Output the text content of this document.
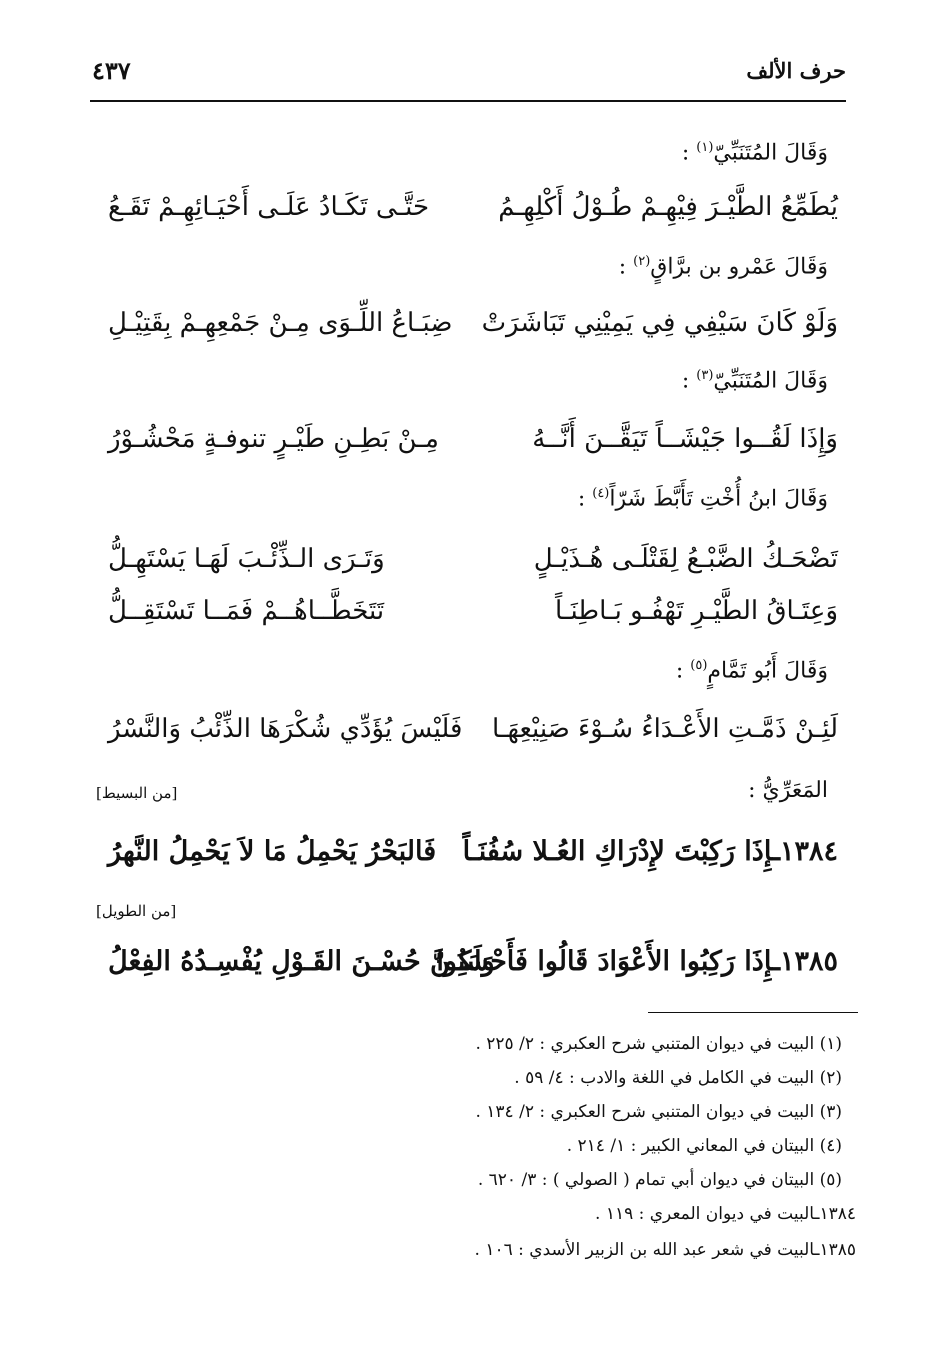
حرف الألف
٤٣٧
وَقَالَ المُتَنَبِّيّ$^{(١)}$ :
يُطَمِّعُ الطَّيْـرَ فِيْهِـمْ طُـوْلُ أَكْلِهِـمُ
حَتَّـى تَكَـادُ عَلَـى أَحْيَـائِهِـمْ تَقَـعُ
وَقَالَ عَمْرو بن برَّاقٍ$^{(٢)}$ :
وَلَوْ كَانَ سَيْفِي فِي يَمِيْنِي تَبَاشَرَتْ
ضِبَـاعُ اللِّـوَى مِـنْ جَمْعِهِـمْ بِقَتِيْـلِ
وَقَالَ المُتَنَبِّيّ$^{(٣)}$ :
وَإِذَا لَقُــوا جَيْشَــاً تَيَقَّــنَ أَنَّــهُ
مِـنْ بَطِـنِ طَيْـرٍ تنوفـةٍ مَحْشُـوْرُ
وَقَالَ ابنُ أُخْتِ تَأَبَّطَ شَرّاً$^{(٤)}$ :
تَضْحَـكُ الضَّبْـعُ لِقَتْلَـى هُـذَيْـلٍ
وَتَـرَى الـذِّئْـبَ لَهَـا يَسْتَهِـلُّ
وَعِتَـاقُ الطَّيْـرِ تَهْفُـو بَـاطِنَـاً
تَتَخَطَّــاهُــمْ فَمَــا تَسْتَقِــلُّ
وَقَالَ أَبُو تَمَّامٍ$^{(٥)}$ :
لَئِـنْ ذَمَّـتِ الأَعْـدَاءُ سُـوْءَ صَنِيْعِهَـا
فَلَيْسَ يُؤَدِّي شُكْرَهَا الذِّئْبُ وَالنَّسْرُ
المَعَرِّيُّ :
[من البسيط]
١٣٨٤ـإِذَا رَكِبْتَ لإِدْرَاكِ العُـلا سُفُنَـاً
فَالبَحْرُ يَحْمِلُ مَا لاَ يَحْمِلُ النَّهرُ
[من الطويل]
١٣٨٥ـإِذَا رَكِبُوا الأَعْوَادَ قَالُوا فَأَحْسَنُوا
وَلَكِـنَّ حُسْـنَ القَـوْلِ يُفْسِـدُهُ الفِعْلُ
(١) البيت في ديوان المتنبي شرح العكبري : ٢/ ٢٢٥ .
(٢) البيت في الكامل في اللغة والادب : ٤/ ٥٩ .
(٣) البيت في ديوان المتنبي شرح العكبري : ٢/ ١٣٤ .
(٤) البيتان في المعاني الكبير : ١/ ٢١٤ .
(٥) البيتان في ديوان أبي تمام ( الصولي ) : ٣/ ٦٢٠ .
١٣٨٤ـالبيت في ديوان المعري : ١١٩ .
١٣٨٥ـالبيت في شعر عبد الله بن الزبير الأسدي : ١٠٦ .
